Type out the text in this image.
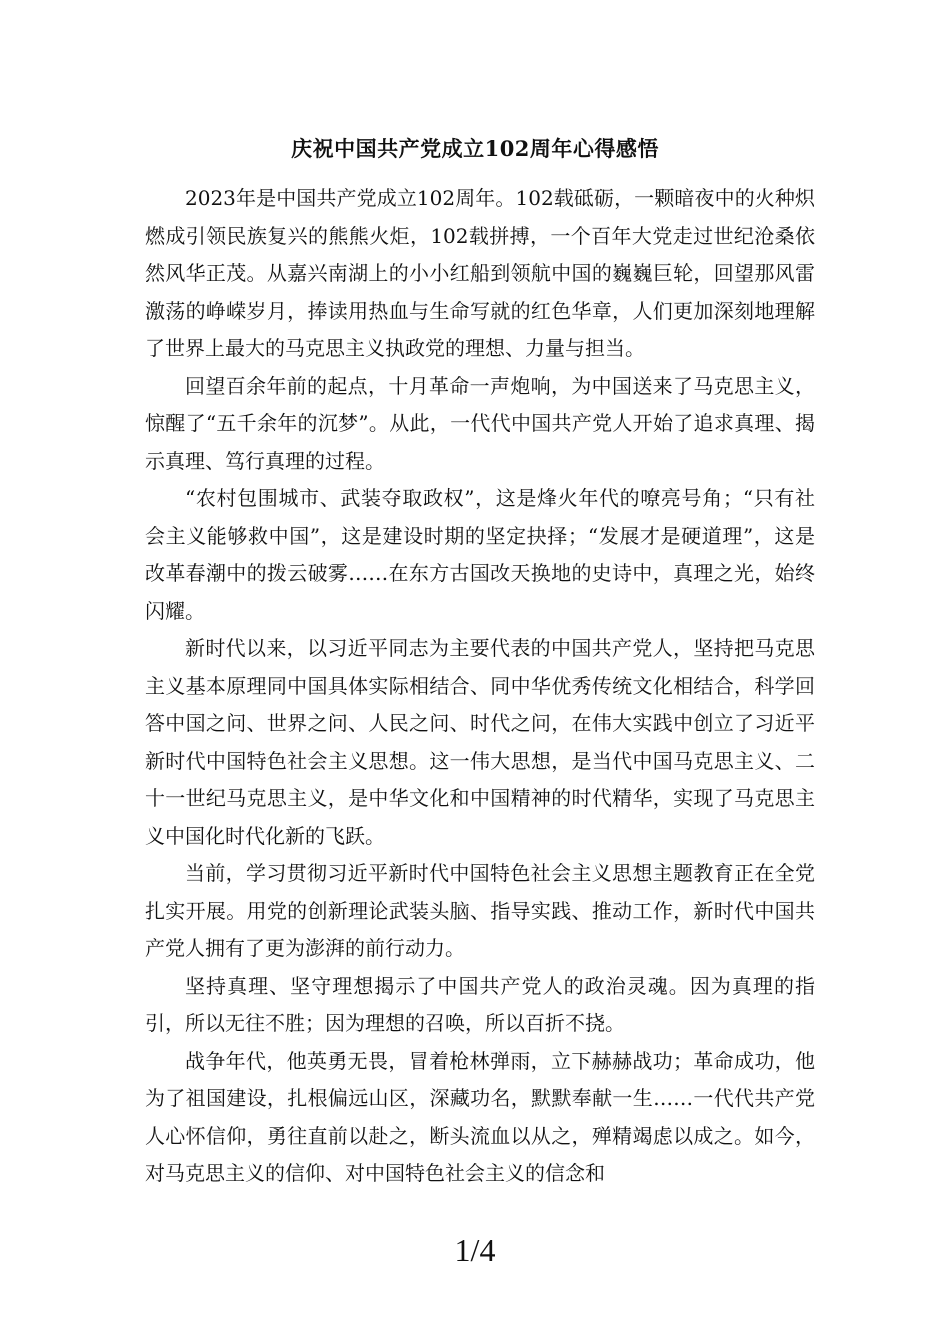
庆祝中国共产党成立102周年心得感悟

2023年是中国共产党成立102周年。102载砥砺，一颗暗夜中的火种炽燃成引领民族复兴的熊熊火炬，102载拼搏，一个百年大党走过世纪沧桑依然风华正茂。从嘉兴南湖上的小小红船到领航中国的巍巍巨轮，回望那风雷激荡的峥嵘岁月，捧读用热血与生命写就的红色华章，人们更加深刻地理解了世界上最大的马克思主义执政党的理想、力量与担当。

回望百余年前的起点，十月革命一声炮响，为中国送来了马克思主义，惊醒了“五千余年的沉梦”。从此，一代代中国共产党人开始了追求真理、揭示真理、笃行真理的过程。

“农村包围城市、武装夺取政权”，这是烽火年代的嘹亮号角；“只有社会主义能够救中国”，这是建设时期的坚定抉择；“发展才是硬道理”，这是改革春潮中的拨云破雾……在东方古国改天换地的史诗中，真理之光，始终闪耀。

新时代以来，以习近平同志为主要代表的中国共产党人，坚持把马克思主义基本原理同中国具体实际相结合、同中华优秀传统文化相结合，科学回答中国之问、世界之问、人民之问、时代之问，在伟大实践中创立了习近平新时代中国特色社会主义思想。这一伟大思想，是当代中国马克思主义、二十一世纪马克思主义，是中华文化和中国精神的时代精华，实现了马克思主义中国化时代化新的飞跃。

当前，学习贯彻习近平新时代中国特色社会主义思想主题教育正在全党扎实开展。用党的创新理论武装头脑、指导实践、推动工作，新时代中国共产党人拥有了更为澎湃的前行动力。

坚持真理、坚守理想揭示了中国共产党人的政治灵魂。因为真理的指引，所以无往不胜；因为理想的召唤，所以百折不挠。

战争年代，他英勇无畏，冒着枪林弹雨，立下赫赫战功；革命成功，他为了祖国建设，扎根偏远山区，深藏功名，默默奉献一生……一代代共产党人心怀信仰，勇往直前以赴之，断头流血以从之，殚精竭虑以成之。如今，对马克思主义的信仰、对中国特色社会主义的信念和

1/4
